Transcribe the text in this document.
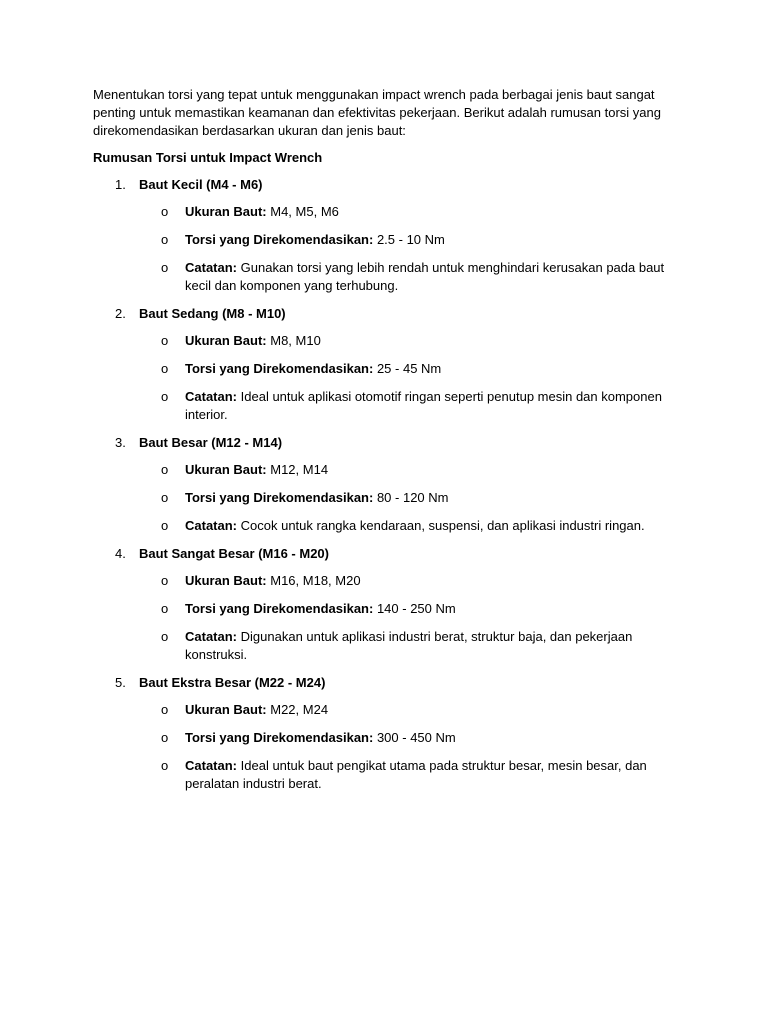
Menentukan torsi yang tepat untuk menggunakan impact wrench pada berbagai jenis baut sangat penting untuk memastikan keamanan dan efektivitas pekerjaan. Berikut adalah rumusan torsi yang direkomendasikan berdasarkan ukuran dan jenis baut:

Rumusan Torsi untuk Impact Wrench

1. Baut Kecil (M4 - M6)
o Ukuran Baut: M4, M5, M6
o Torsi yang Direkomendasikan: 2.5 - 10 Nm
o Catatan: Gunakan torsi yang lebih rendah untuk menghindari kerusakan pada baut kecil dan komponen yang terhubung.
2. Baut Sedang (M8 - M10)
o Ukuran Baut: M8, M10
o Torsi yang Direkomendasikan: 25 - 45 Nm
o Catatan: Ideal untuk aplikasi otomotif ringan seperti penutup mesin dan komponen interior.
3. Baut Besar (M12 - M14)
o Ukuran Baut: M12, M14
o Torsi yang Direkomendasikan: 80 - 120 Nm
o Catatan: Cocok untuk rangka kendaraan, suspensi, dan aplikasi industri ringan.
4. Baut Sangat Besar (M16 - M20)
o Ukuran Baut: M16, M18, M20
o Torsi yang Direkomendasikan: 140 - 250 Nm
o Catatan: Digunakan untuk aplikasi industri berat, struktur baja, dan pekerjaan konstruksi.
5. Baut Ekstra Besar (M22 - M24)
o Ukuran Baut: M22, M24
o Torsi yang Direkomendasikan: 300 - 450 Nm
o Catatan: Ideal untuk baut pengikat utama pada struktur besar, mesin besar, dan peralatan industri berat.
